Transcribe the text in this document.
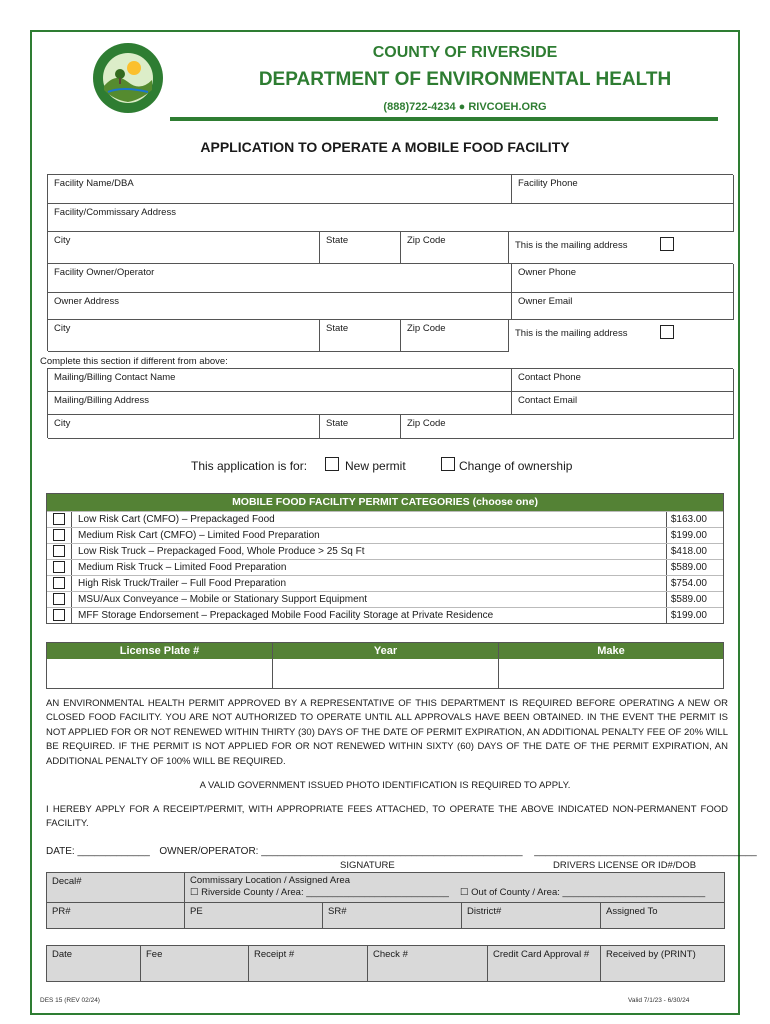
COUNTY OF RIVERSIDE
DEPARTMENT OF ENVIRONMENTAL HEALTH
(888)722-4234 ● RIVCOEH.ORG
APPLICATION TO OPERATE A MOBILE FOOD FACILITY
Facility Name/DBA	Facility Phone
Facility/Commissary Address
City	State	Zip Code	This is the mailing address
Facility Owner/Operator	Owner Phone
Owner Address	Owner Email
City	State	Zip Code	This is the mailing address
Complete this section if different from above:
Mailing/Billing Contact Name	Contact Phone
Mailing/Billing Address	Contact Email
City	State	Zip Code
This application is for:	New permit	Change of ownership
MOBILE FOOD FACILITY PERMIT CATEGORIES (choose one)
Low Risk Cart (CMFO) – Prepackaged Food	$163.00
Medium Risk Cart (CMFO) – Limited Food Preparation	$199.00
Low Risk Truck – Prepackaged Food, Whole Produce > 25 Sq Ft	$418.00
Medium Risk Truck – Limited Food Preparation	$589.00
High Risk Truck/Trailer – Full Food Preparation	$754.00
MSU/Aux Conveyance – Mobile or Stationary Support Equipment	$589.00
MFF Storage Endorsement – Prepackaged Mobile Food Facility Storage at Private Residence	$199.00
License Plate #	Year	Make
AN ENVIRONMENTAL HEALTH PERMIT APPROVED BY A REPRESENTATIVE OF THIS DEPARTMENT IS REQUIRED BEFORE OPERATING A NEW OR CLOSED FOOD FACILITY. YOU ARE NOT AUTHORIZED TO OPERATE UNTIL ALL APPROVALS HAVE BEEN OBTAINED. IN THE EVENT THE PERMIT IS NOT APPLIED FOR OR NOT RENEWED WITHIN THIRTY (30) DAYS OF THE DATE OF PERMIT EXPIRATION, AN ADDITIONAL PENALTY FEE OF 20% WILL BE REQUIRED. IF THE PERMIT IS NOT APPLIED FOR OR NOT RENEWED WITHIN SIXTY (60) DAYS OF THE DATE OF THE PERMIT EXPIRATION, AN ADDITIONAL PENALTY OF 100% WILL BE REQUIRED.
A VALID GOVERNMENT ISSUED PHOTO IDENTIFICATION IS REQUIRED TO APPLY.
I HEREBY APPLY FOR A RECEIPT/PERMIT, WITH APPROPRIATE FEES ATTACHED, TO OPERATE THE ABOVE INDICATED NON-PERMANENT FOOD FACILITY.
DATE: _____________ OWNER/OPERATOR: _______________________________________________ ________________________________________
SIGNATURE	DRIVERS LICENSE OR ID#/DOB
Decal#	Commissary Location / Assigned Area
☐ Riverside County / Area: ___________________________ ☐ Out of County / Area: ___________________________
PR#	PE	SR#	District#	Assigned To
Date	Fee	Receipt #	Check #	Credit Card Approval #	Received by (PRINT)
DES 15 (REV 02/24)	Valid 7/1/23 - 6/30/24
